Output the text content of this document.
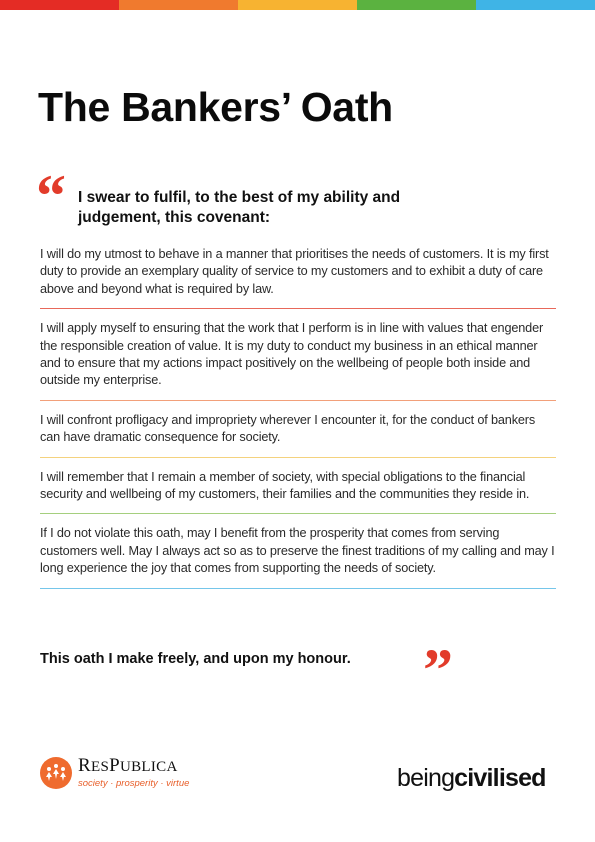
The Bankers’ Oath
“ I swear to fulfil, to the best of my ability and judgement, this covenant:

I will do my utmost to behave in a manner that prioritises the needs of customers. It is my first duty to provide an exemplary quality of service to my customers and to exhibit a duty of care above and beyond what is required by law.

I will apply myself to ensuring that the work that I perform is in line with values that engender the responsible creation of value. It is my duty to conduct my business in an ethical manner and to ensure that my actions impact positively on the wellbeing of people both inside and outside my enterprise.

I will confront profligacy and impropriety wherever I encounter it, for the conduct of bankers can have dramatic consequence for society.

I will remember that I remain a member of society, with special obligations to the financial security and wellbeing of my customers, their families and the communities they reside in.

If I do not violate this oath, may I benefit from the prosperity that comes from serving customers well. May I always act so as to preserve the finest traditions of my calling and may I long experience the joy that comes from supporting the needs of society.

This oath I make freely, and upon my honour. ”
RESPUBLICA
society · prosperity · virtue	beingcivilised
